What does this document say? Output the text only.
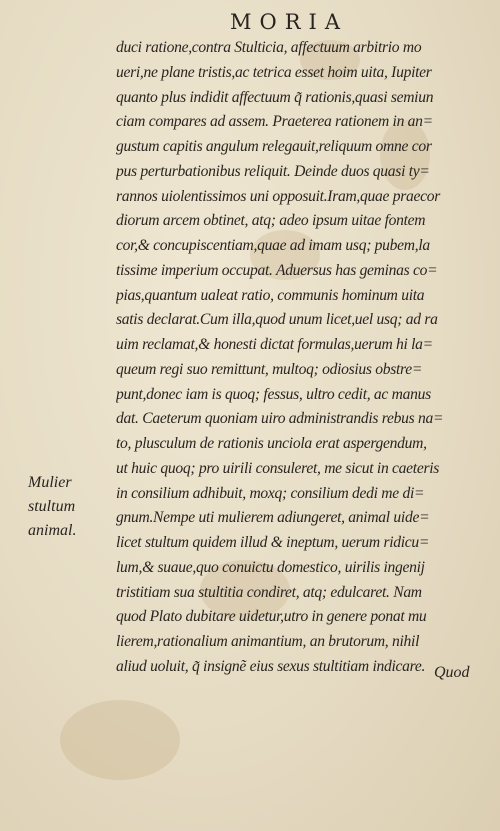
MORIA
duci ratione,contra Stulticia, affectuum arbitrio mo
ueri,ne plane tristis,ac tetrica esset hoim uita, Iupiter
quanto plus indidit affectuum q̃ rationis,quasi semiun
ciam compares ad assem. Praeterea rationem in an=
gustum capitis angulum relegauit,reliquum omne cor
pus perturbationibus reliquit. Deinde duos quasi ty=
rannos uiolentissimos uni opposuit.Iram,quae praecor
diorum arcem obtinet, atq; adeo ipsum uitae fontem
cor,& concupiscentiam,quae ad imam usq; pubem,la
tissime imperium occupat. Aduersus has geminas co=
pias,quantum ualeat ratio, communis hominum uita
satis declarat.Cum illa,quod unum licet,uel usq; ad ra
uim reclamat,& honesti dictat formulas,uerum hi la=
queum regi suo remittunt, multoq; odiosius obstre=
punt,donec iam is quoq; fessus, ultro cedit, ac manus
dat. Caeterum quoniam uiro administrandis rebus na=
to, plusculum de rationis unciola erat aspergendum,
ut huic quoq; pro uirili consuleret, me sicut in caeteris
in consilium adhibuit, moxq; consilium dedi me di=
gnum.Nempe uti mulierem adiungeret, animal uide=
licet stultum quidem illud & ineptum, uerum ridicu=
lum,& suaue,quo conuictu domestico, uirilis ingenij
tristitiam sua stultitia condiret, atq; edulcaret. Nam
quod Plato dubitare uidetur,utro in genere ponat mu
lierem,rationalium animantium, an brutorum, nihil
aliud uoluit, q̃ insignẽ eius sexus stultitiam indicare.
Mulier
stultum
animal.
Quod
